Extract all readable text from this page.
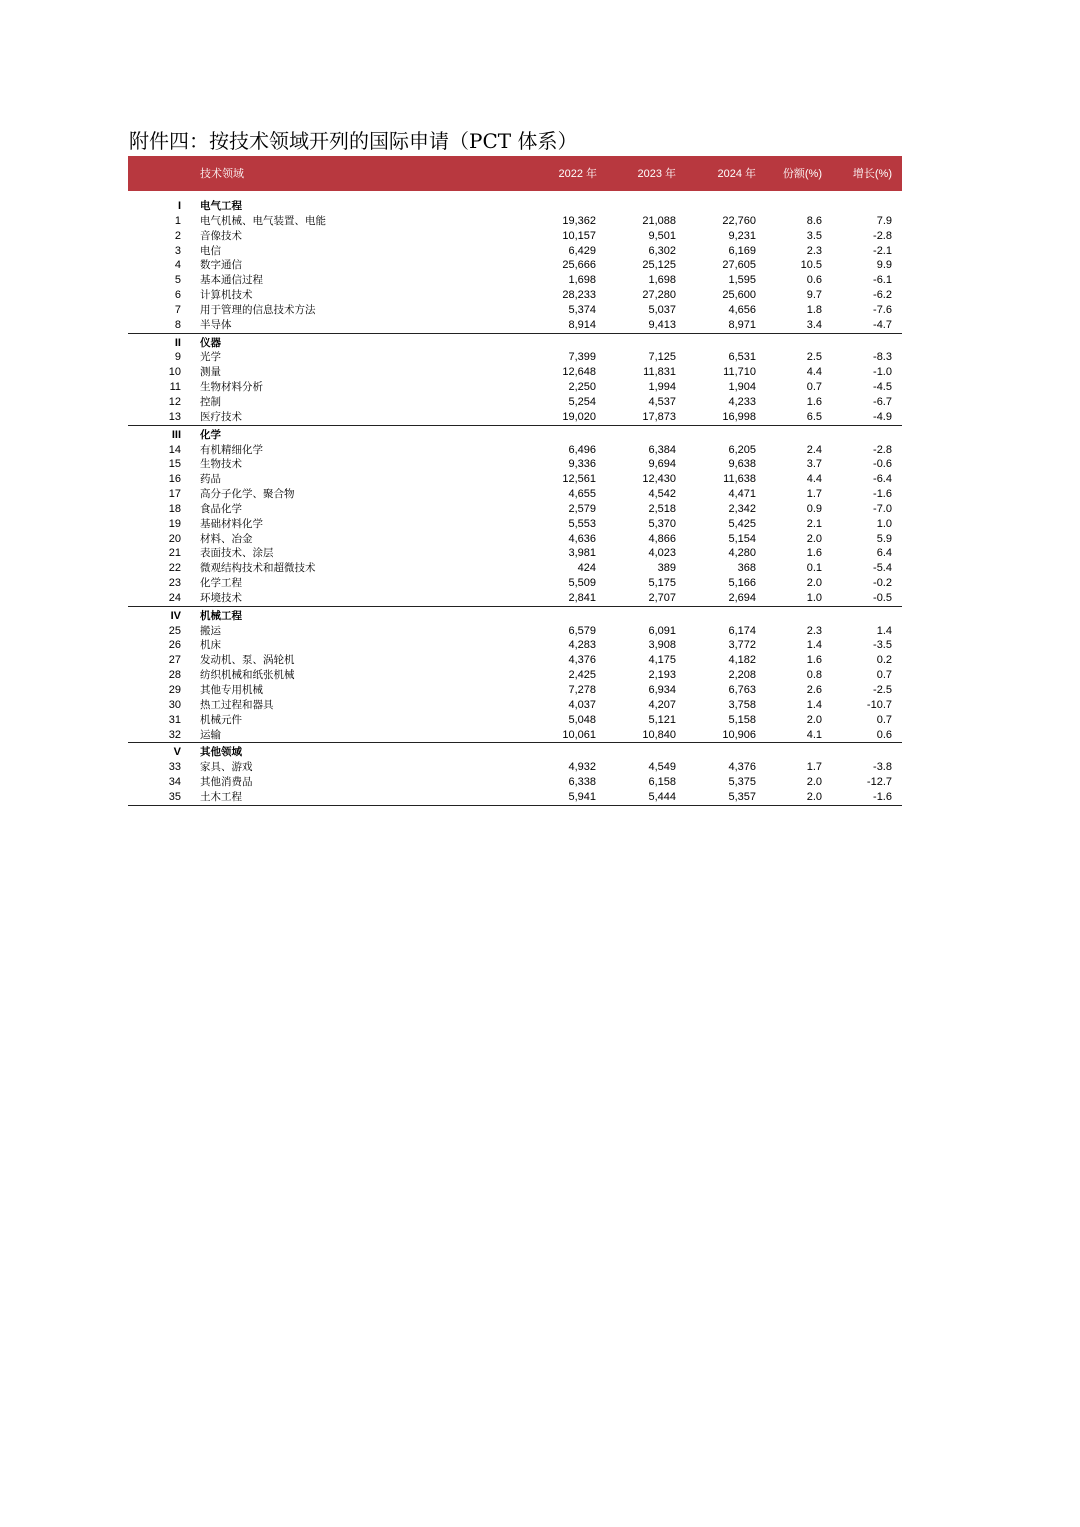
附件四：按技术领域开列的国际申请（PCT 体系）
技术领域	2022 年	2023 年	2024 年 份额(%)	增长(%)
I 电气工程
1 电气机械、电气装置、电能	19,362	21,088	22,760	8.6	7.9
2 音像技术	10,157	9,501	9,231	3.5	-2.8
3 电信	6,429	6,302	6,169	2.3	-2.1
4 数字通信	25,666	25,125	27,605	10.5	9.9
5 基本通信过程	1,698	1,698	1,595	0.6	-6.1
6 计算机技术	28,233	27,280	25,600	9.7	-6.2
7 用于管理的信息技术方法	5,374	5,037	4,656	1.8	-7.6
8 半导体	8,914	9,413	8,971	3.4	-4.7
II 仪器
9 光学	7,399	7,125	6,531	2.5	-8.3
10 测量	12,648	11,831	11,710	4.4	-1.0
11 生物材料分析	2,250	1,994	1,904	0.7	-4.5
12 控制	5,254	4,537	4,233	1.6	-6.7
13 医疗技术	19,020	17,873	16,998	6.5	-4.9
III 化学
14 有机精细化学	6,496	6,384	6,205	2.4	-2.8
15 生物技术	9,336	9,694	9,638	3.7	-0.6
16 药品	12,561	12,430	11,638	4.4	-6.4
17 高分子化学、聚合物	4,655	4,542	4,471	1.7	-1.6
18 食品化学	2,579	2,518	2,342	0.9	-7.0
19 基础材料化学	5,553	5,370	5,425	2.1	1.0
20 材料、冶金	4,636	4,866	5,154	2.0	5.9
21 表面技术、涂层	3,981	4,023	4,280	1.6	6.4
22 微观结构技术和超微技术	424	389	368	0.1	-5.4
23 化学工程	5,509	5,175	5,166	2.0	-0.2
24 环境技术	2,841	2,707	2,694	1.0	-0.5
IV 机械工程
25 搬运	6,579	6,091	6,174	2.3	1.4
26 机床	4,283	3,908	3,772	1.4	-3.5
27 发动机、泵、涡轮机	4,376	4,175	4,182	1.6	0.2
28 纺织机械和纸张机械	2,425	2,193	2,208	0.8	0.7
29 其他专用机械	7,278	6,934	6,763	2.6	-2.5
30 热工过程和器具	4,037	4,207	3,758	1.4	-10.7
31 机械元件	5,048	5,121	5,158	2.0	0.7
32 运输	10,061	10,840	10,906	4.1	0.6
V 其他领域
33 家具、游戏	4,932	4,549	4,376	1.7	-3.8
34 其他消费品	6,338	6,158	5,375	2.0	-12.7
35 土木工程	5,941	5,444	5,357	2.0	-1.6
